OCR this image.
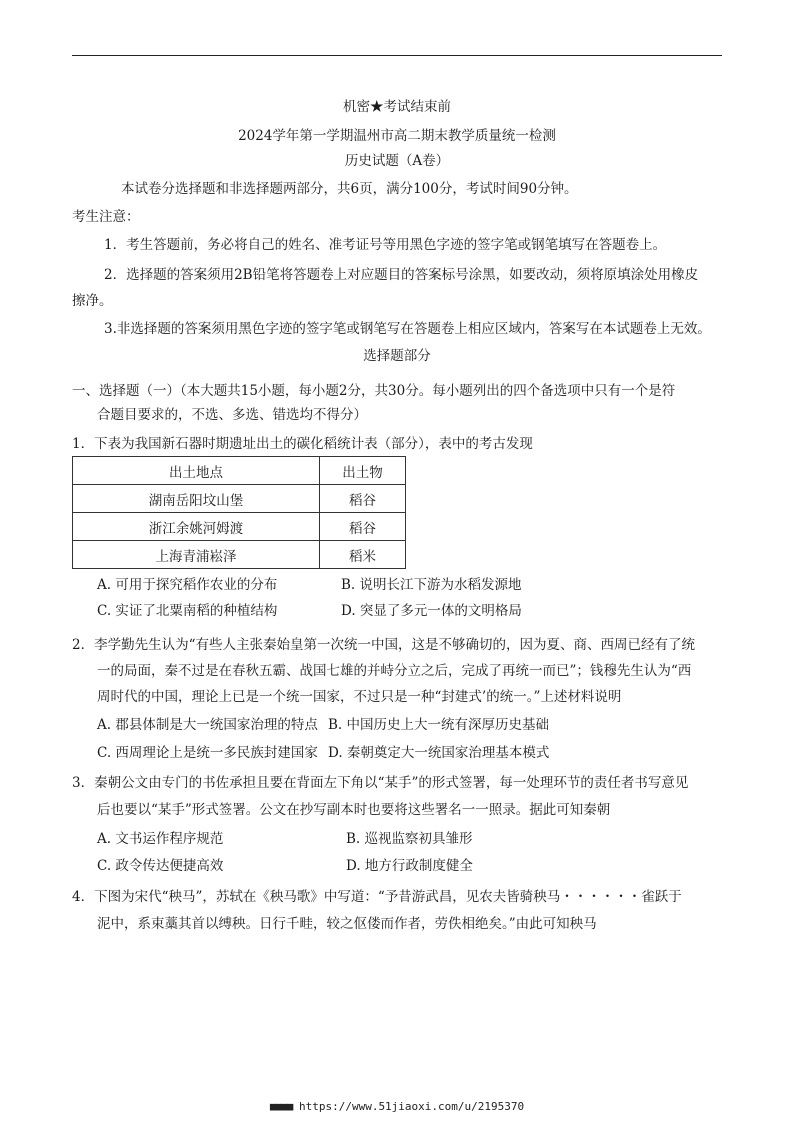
机密★考试结束前
2024学年第一学期温州市高二期末教学质量统一检测
历史试题（A卷）
本试卷分选择题和非选择题两部分，共6页，满分100分，考试时间90分钟。
考生注意：
1．考生答题前，务必将自己的姓名、准考证号等用黑色字迹的签字笔或钢笔填写在答题卷上。
2．选择题的答案须用2B铅笔将答题卷上对应题目的答案标号涂黑，如要改动，须将原填涂处用橡皮
擦净。
3.非选择题的答案须用黑色字迹的签字笔或钢笔写在答题卷上相应区域内，答案写在本试题卷上无效。
选择题部分
一、选择题（一）（本大题共15小题，每小题2分，共30分。每小题列出的四个备选项中只有一个是符
合题目要求的，不选、多选、错选均不得分）
1．下表为我国新石器时期遗址出土的碳化稻统计表（部分），表中的考古发现
出土地点	出土物
湖南岳阳坟山堡	稻谷
浙江余姚河姆渡	稻谷
上海青浦崧泽	稻米
A. 可用于探究稻作农业的分布	B. 说明长江下游为水稻发源地
C. 实证了北粟南稻的种植结构	D. 突显了多元一体的文明格局
2．李学勤先生认为“有些人主张秦始皇第一次统一中国，这是不够确切的，因为夏、商、西周已经有了统
一的局面，秦不过是在春秋五霸、战国七雄的并峙分立之后，完成了再统一而已”；钱穆先生认为“西
周时代的中国，理论上已是一个统一国家，不过只是一种“封建式’的统一。”上述材料说明
A. 郡县体制是大一统国家治理的特点 B. 中国历史上大一统有深厚历史基础
C. 西周理论上是统一多民族封建国家 D. 秦朝奠定大一统国家治理基本模式
3．秦朝公文由专门的书佐承担且要在背面左下角以“某手”的形式签署，每一处理环节的责任者书写意见
后也要以“某手”形式签署。公文在抄写副本时也要将这些署名一一照录。据此可知秦朝
A. 文书运作程序规范	B. 巡视监察初具雏形
C. 政令传达便捷高效	D. 地方行政制度健全
4．下图为宋代“秧马”，苏轼在《秧马歌》中写道：“予昔游武昌，见农夫皆骑秧马・・・・・・雀跃于
泥中，系束藁其首以缚秧。日行千畦，较之伛偻而作者，劳佚相绝矣。”由此可知秧马
■■■■ https://www.51jiaoxi.com/u/2195370
